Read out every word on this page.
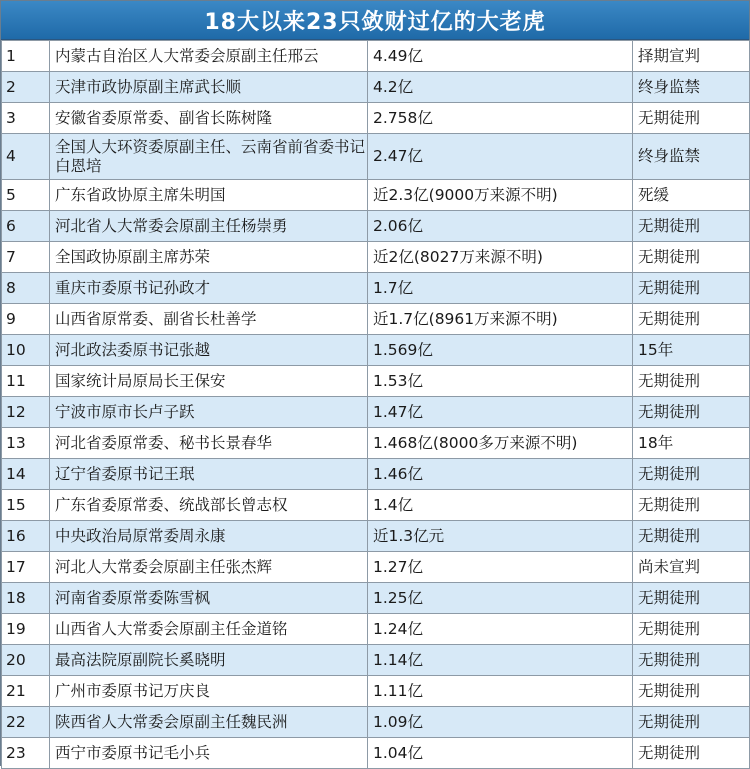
18大以来23只敛财过亿的大老虎
1	内蒙古自治区人大常委会原副主任邢云	4.49亿	择期宣判
2	天津市政协原副主席武长顺	4.2亿	终身监禁
3	安徽省委原常委、副省长陈树隆	2.758亿	无期徒刑
4	全国人大环资委原副主任、云南省前省委书记白恩培	2.47亿	终身监禁
5	广东省政协原主席朱明国	近2.3亿(9000万来源不明)	死缓
6	河北省人大常委会原副主任杨崇勇	2.06亿	无期徒刑
7	全国政协原副主席苏荣	近2亿(8027万来源不明)	无期徒刑
8	重庆市委原书记孙政才	1.7亿	无期徒刑
9	山西省原常委、副省长杜善学	近1.7亿(8961万来源不明)	无期徒刑
10	河北政法委原书记张越	1.569亿	15年
11	国家统计局原局长王保安	1.53亿	无期徒刑
12	宁波市原市长卢子跃	1.47亿	无期徒刑
13	河北省委原常委、秘书长景春华	1.468亿(8000多万来源不明)	18年
14	辽宁省委原书记王珉	1.46亿	无期徒刑
15	广东省委原常委、统战部长曾志权	1.4亿	无期徒刑
16	中央政治局原常委周永康	近1.3亿元	无期徒刑
17	河北人大常委会原副主任张杰辉	1.27亿	尚未宣判
18	河南省委原常委陈雪枫	1.25亿	无期徒刑
19	山西省人大常委会原副主任金道铭	1.24亿	无期徒刑
20	最高法院原副院长奚晓明	1.14亿	无期徒刑
21	广州市委原书记万庆良	1.11亿	无期徒刑
22	陕西省人大常委会原副主任魏民洲	1.09亿	无期徒刑
23	西宁市委原书记毛小兵	1.04亿	无期徒刑
